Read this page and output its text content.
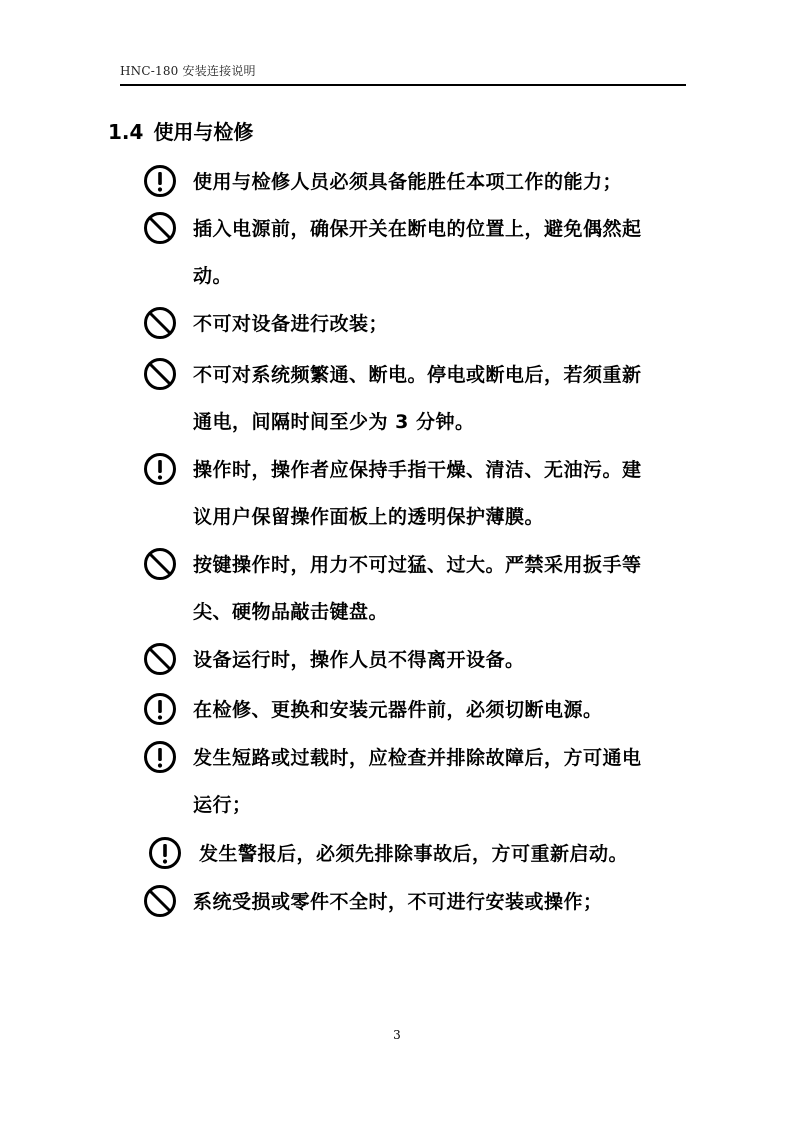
HNC-180 安装连接说明
1.4 使用与检修
使用与检修人员必须具备能胜任本项工作的能力；
插入电源前，确保开关在断电的位置上，避免偶然起
动。
不可对设备进行改装；
不可对系统频繁通、断电。停电或断电后，若须重新
通电，间隔时间至少为 3 分钟。
操作时，操作者应保持手指干燥、清洁、无油污。建
议用户保留操作面板上的透明保护薄膜。
按键操作时，用力不可过猛、过大。严禁采用扳手等
尖、硬物品敲击键盘。
设备运行时，操作人员不得离开设备。
在检修、更换和安装元器件前，必须切断电源。
发生短路或过载时，应检查并排除故障后，方可通电
运行；
发生警报后，必须先排除事故后，方可重新启动。
系统受损或零件不全时，不可进行安装或操作；
3
